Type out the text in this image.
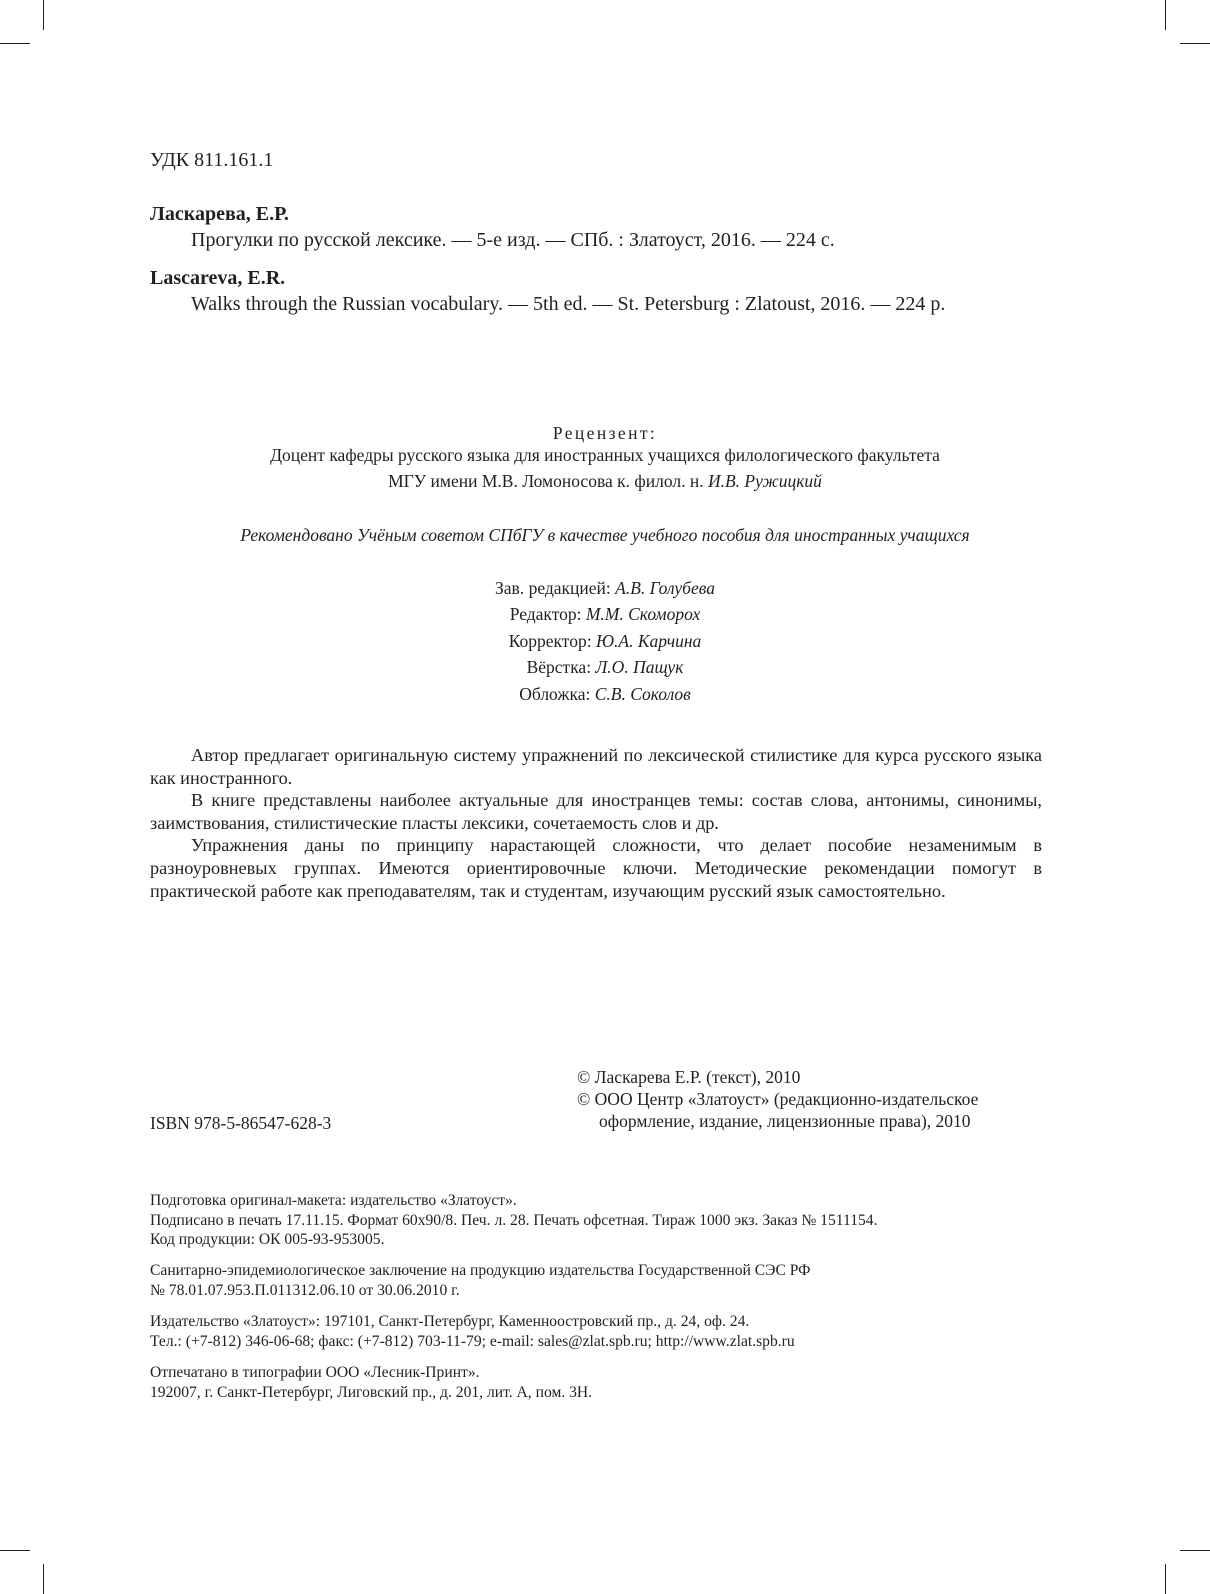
УДК 811.161.1
Ласкарева, Е.Р.
Прогулки по русской лексике. — 5-е изд. — СПб. : Златоуст, 2016. — 224 с.
Lascareva, E.R.
Walks through the Russian vocabulary. — 5th ed. — St. Petersburg : Zlatoust, 2016. — 224 p.
Рецензент:
Доцент кафедры русского языка для иностранных учащихся филологического факультета
МГУ имени М.В. Ломоносова к. филол. н. И.В. Ружицкий
Рекомендовано Учёным советом СПбГУ в качестве учебного пособия для иностранных учащихся
Зав. редакцией: А.В. Голубева
Редактор: М.М. Скоморох
Корректор: Ю.А. Карчина
Вёрстка: Л.О. Пащук
Обложка: С.В. Соколов

Автор предлагает оригинальную систему упражнений по лексической стилистике для курса русского языка как иностранного.

В книге представлены наиболее актуальные для иностранцев темы: состав слова, антонимы, синонимы, заимствования, стилистические пласты лексики, сочетаемость слов и др.

Упражнения даны по принципу нарастающей сложности, что делает пособие незаменимым в разноуровневых группах. Имеются ориентировочные ключи. Методические рекомендации помогут в практической работе как преподавателям, так и студентам, изучающим русский язык самостоятельно.

© Ласкарева Е.Р. (текст), 2010
© ООО Центр «Златоуст» (редакционно-издательское
оформление, издание, лицензионные права), 2010
ISBN 978-5-86547-628-3
Подготовка оригинал-макета: издательство «Златоуст».
Подписано в печать 17.11.15. Формат 60x90/8. Печ. л. 28. Печать офсетная. Тираж 1000 экз. Заказ № 1511154.
Код продукции: ОК 005-93-953005.
Санитарно-эпидемиологическое заключение на продукцию издательства Государственной СЭС РФ
№ 78.01.07.953.П.011312.06.10 от 30.06.2010 г.
Издательство «Златоуст»: 197101, Санкт-Петербург, Каменноостровский пр., д. 24, оф. 24.
Тел.: (+7-812) 346-06-68; факс: (+7-812) 703-11-79; e-mail: sales@zlat.spb.ru; http://www.zlat.spb.ru
Отпечатано в типографии ООО «Лесник-Принт».
192007, г. Санкт-Петербург, Лиговский пр., д. 201, лит. А, пом. 3Н.
